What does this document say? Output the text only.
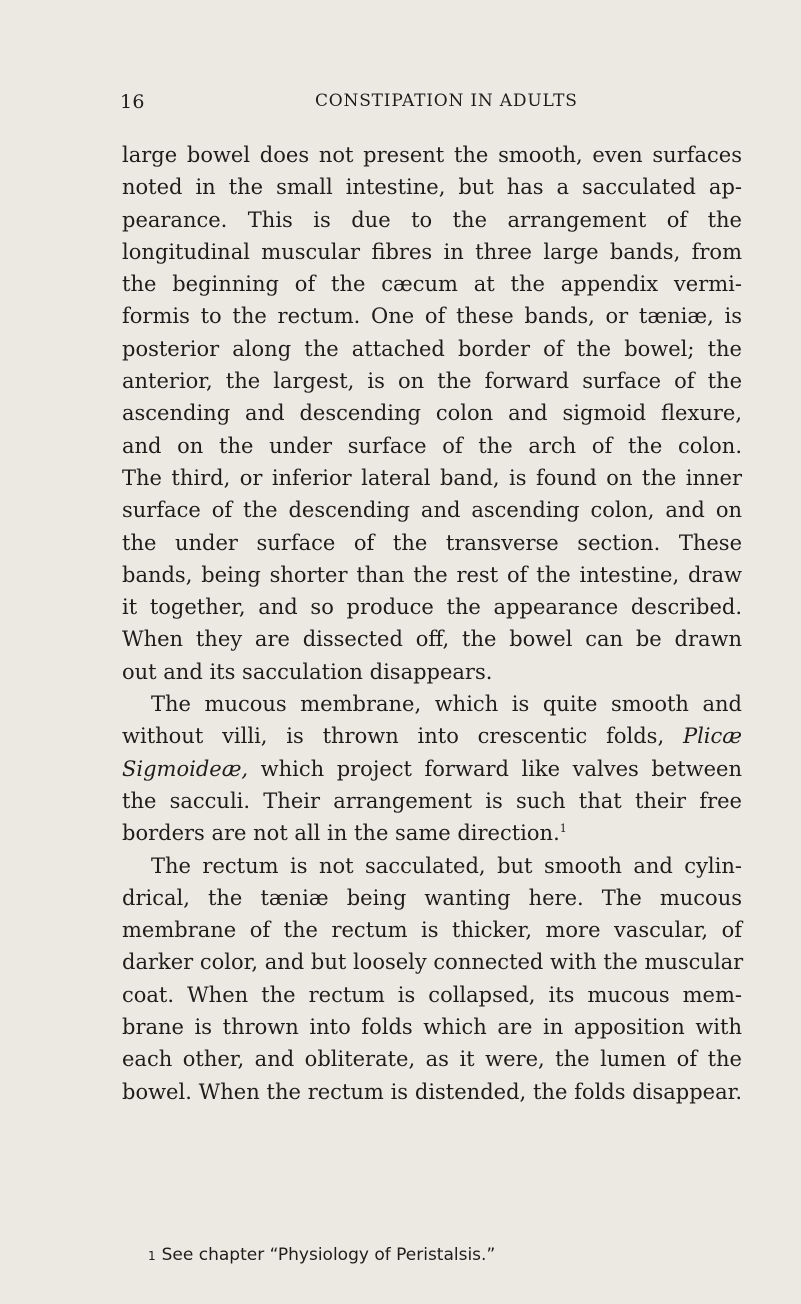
16	CONSTIPATION IN ADULTS
large bowel does not present the smooth, even surfaces
noted in the small intestine, but has a sacculated ap-
pearance. This is due to the arrangement of the
longitudinal muscular fibres in three large bands, from
the beginning of the cæcum at the appendix vermi-
formis to the rectum. One of these bands, or tæniæ, is
posterior along the attached border of the bowel; the
anterior, the largest, is on the forward surface of the
ascending and descending colon and sigmoid flexure,
and on the under surface of the arch of the colon.
The third, or inferior lateral band, is found on the inner
surface of the descending and ascending colon, and on
the under surface of the transverse section. These
bands, being shorter than the rest of the intestine, draw
it together, and so produce the appearance described.
When they are dissected off, the bowel can be drawn
out and its sacculation disappears.
The mucous membrane, which is quite smooth and
without villi, is thrown into crescentic folds, Plicæ
Sigmoideæ, which project forward like valves between
the sacculi. Their arrangement is such that their free
borders are not all in the same direction.$^1$
The rectum is not sacculated, but smooth and cylin-
drical, the tæniæ being wanting here. The mucous
membrane of the rectum is thicker, more vascular, of
darker color, and but loosely connected with the muscular
coat. When the rectum is collapsed, its mucous mem-
brane is thrown into folds which are in apposition with
each other, and obliterate, as it were, the lumen of the
bowel. When the rectum is distended, the folds disappear.
1 See chapter “Physiology of Peristalsis.”
